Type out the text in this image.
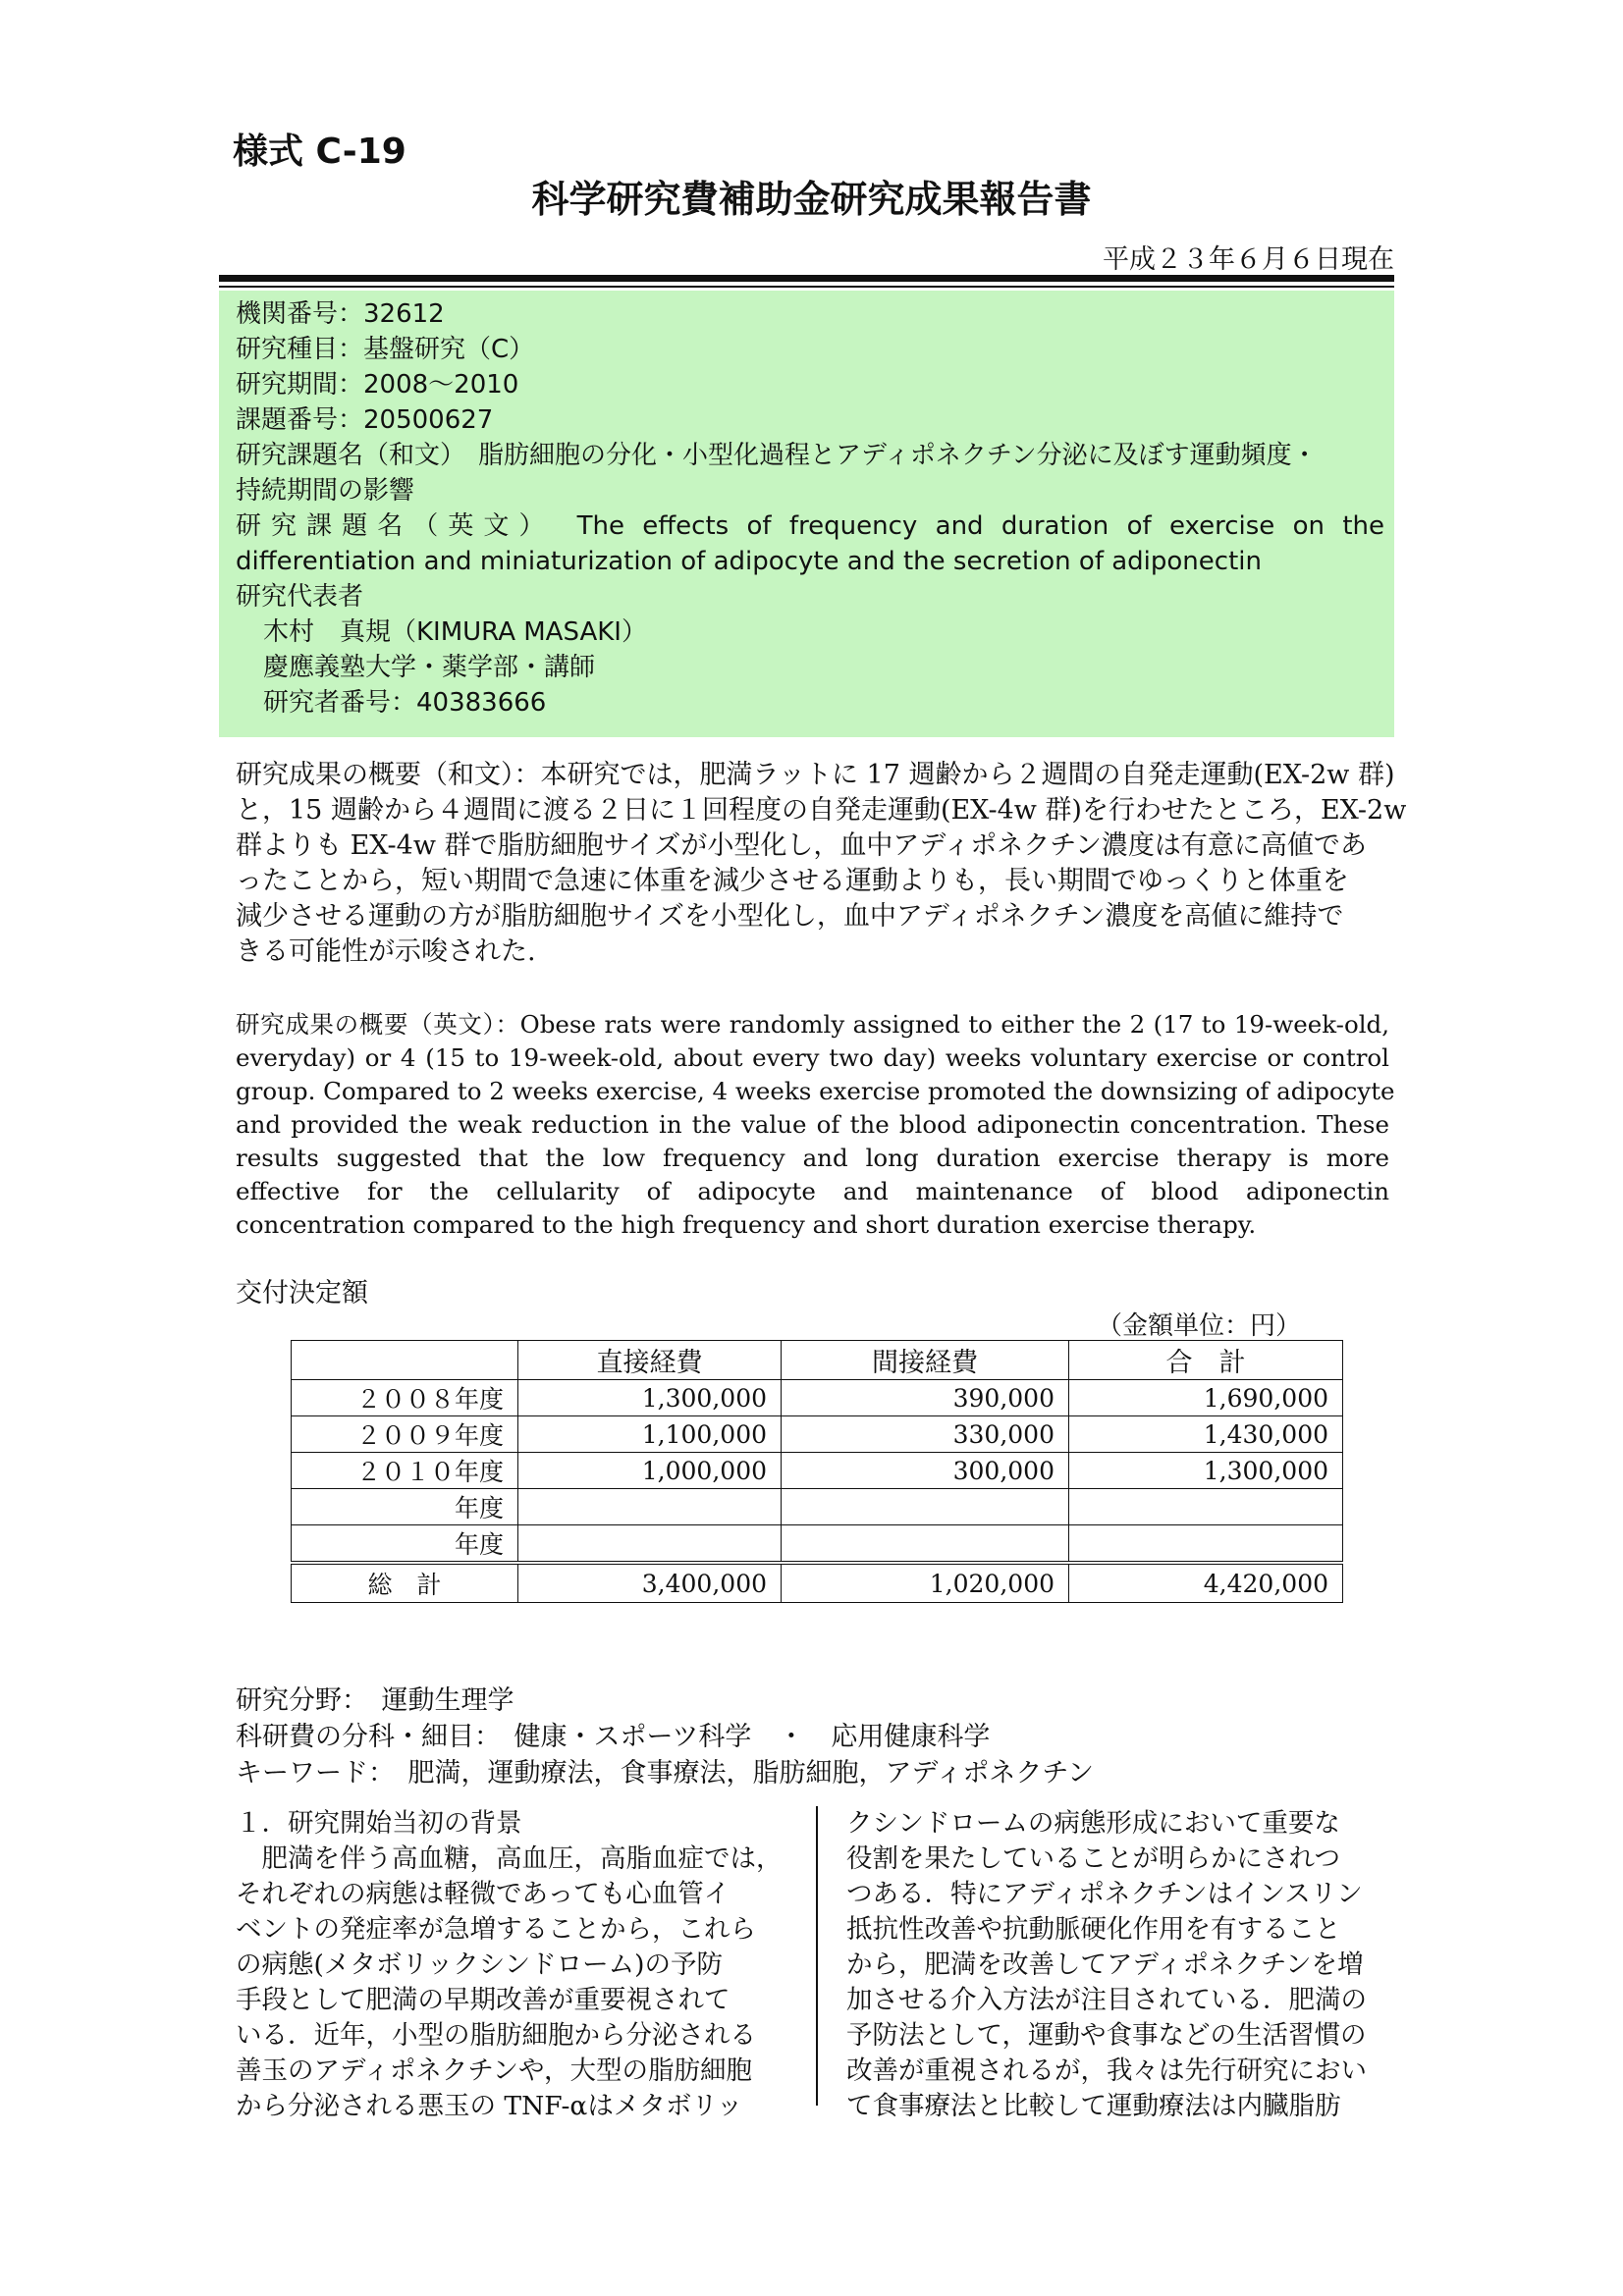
様式 C-19
科学研究費補助金研究成果報告書
平成２３年６月６日現在
機関番号：32612
研究種目：基盤研究（C）
研究期間：2008～2010
課題番号：20500627
研究課題名（和文）　脂肪細胞の分化・小型化過程とアディポネクチン分泌に及ぼす運動頻度・
持続期間の影響
研究課題名（英文）　The effects of frequency and duration of exercise on the
differentiation and miniaturization of adipocyte and the secretion of adiponectin
研究代表者
木村　真規（KIMURA MASAKI）
慶應義塾大学・薬学部・講師
研究者番号：40383666
研究成果の概要（和文）：本研究では，肥満ラットに 17 週齢から２週間の自発走運動(EX-2w 群)
と，15 週齢から４週間に渡る２日に１回程度の自発走運動(EX-4w 群)を行わせたところ，EX-2w
群よりも EX-4w 群で脂肪細胞サイズが小型化し，血中アディポネクチン濃度は有意に高値であ
ったことから，短い期間で急速に体重を減少させる運動よりも，長い期間でゆっくりと体重を
減少させる運動の方が脂肪細胞サイズを小型化し，血中アディポネクチン濃度を高値に維持で
きる可能性が示唆された.
研究成果の概要（英文）：Obese rats were randomly assigned to either the 2 (17 to 19-week-old,
everyday) or 4 (15 to 19-week-old, about every two day) weeks voluntary exercise or control
group. Compared to 2 weeks exercise, 4 weeks exercise promoted the downsizing of adipocyte
and provided the weak reduction in the value of the blood adiponectin concentration. These
results suggested that the low frequency and long duration exercise therapy is more
effective for the cellularity of adipocyte and maintenance of blood adiponectin
concentration compared to the high frequency and short duration exercise therapy.
交付決定額
（金額単位：円）
	直接経費	間接経費	合　計
２００８年度	1,300,000	390,000	1,690,000
２００９年度	1,100,000	330,000	1,430,000
２０１０年度	1,000,000	300,000	1,300,000
年度			
年度			
総　計	3,400,000	1,020,000	4,420,000
研究分野：　運動生理学
科研費の分科・細目：　健康・スポーツ科学　・　応用健康科学
キーワード：　肥満，運動療法，食事療法，脂肪細胞，アディポネクチン
１．研究開始当初の背景
　肥満を伴う高血糖，高血圧，高脂血症では，
それぞれの病態は軽微であっても心血管イ
ベントの発症率が急増することから，これら
の病態(メタボリックシンドローム)の予防
手段として肥満の早期改善が重要視されて
いる．近年，小型の脂肪細胞から分泌される
善玉のアディポネクチンや，大型の脂肪細胞
から分泌される悪玉の TNF-αはメタボリッ
クシンドロームの病態形成において重要な
役割を果たしていることが明らかにされつ
つある．特にアディポネクチンはインスリン
抵抗性改善や抗動脈硬化作用を有すること
から，肥満を改善してアディポネクチンを増
加させる介入方法が注目されている．肥満の
予防法として，運動や食事などの生活習慣の
改善が重視されるが，我々は先行研究におい
て食事療法と比較して運動療法は内臓脂肪
